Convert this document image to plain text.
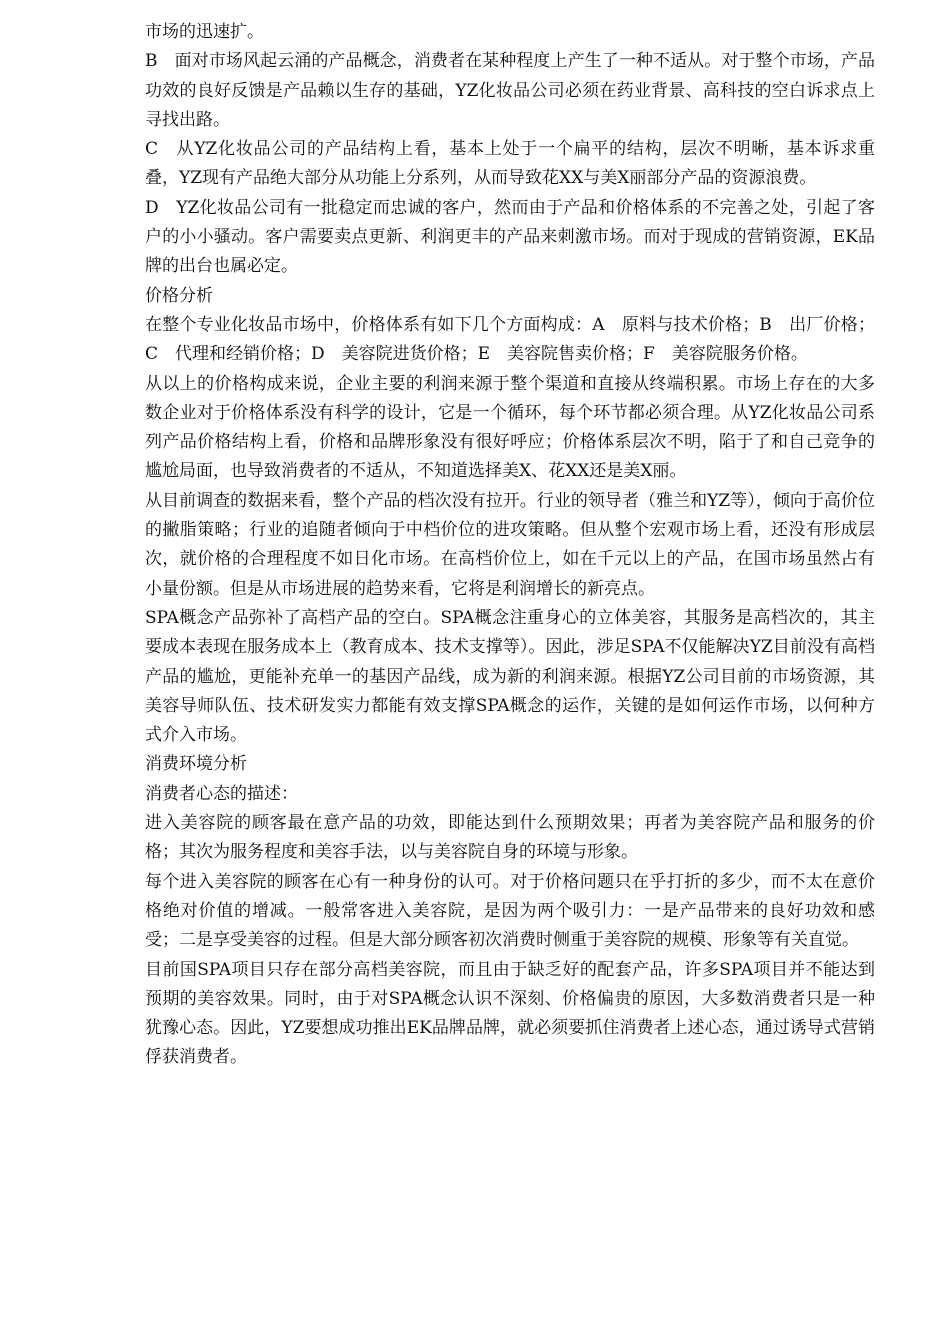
市场的迅速扩。

B　面对市场风起云涌的产品概念，消费者在某种程度上产生了一种不适从。对于整个市场，产品功效的良好反馈是产品赖以生存的基础，YZ化妆品公司必须在药业背景、高科技的空白诉求点上寻找出路。

C　从YZ化妆品公司的产品结构上看，基本上处于一个扁平的结构，层次不明晰，基本诉求重叠，YZ现有产品绝大部分从功能上分系列，从而导致花XX与美X丽部分产品的资源浪费。

D　YZ化妆品公司有一批稳定而忠诚的客户，然而由于产品和价格体系的不完善之处，引起了客户的小小骚动。客户需要卖点更新、利润更丰的产品来刺激市场。而对于现成的营销资源，EK品牌的出台也属必定。

价格分析

在整个专业化妆品市场中，价格体系有如下几个方面构成：A　原料与技术价格；B　出厂价格；C　代理和经销价格；D　美容院进货价格；E　美容院售卖价格；F　美容院服务价格。

从以上的价格构成来说，企业主要的利润来源于整个渠道和直接从终端积累。市场上存在的大多数企业对于价格体系没有科学的设计，它是一个循环，每个环节都必须合理。从YZ化妆品公司系列产品价格结构上看，价格和品牌形象没有很好呼应；价格体系层次不明，陷于了和自己竞争的尴尬局面，也导致消费者的不适从，不知道选择美X、花XX还是美X丽。

从目前调查的数据来看，整个产品的档次没有拉开。行业的领导者（雅兰和YZ等），倾向于高价位的撇脂策略；行业的追随者倾向于中档价位的进攻策略。但从整个宏观市场上看，还没有形成层次，就价格的合理程度不如日化市场。在高档价位上，如在千元以上的产品，在国市场虽然占有小量份额。但是从市场进展的趋势来看，它将是利润增长的新亮点。

SPA概念产品弥补了高档产品的空白。SPA概念注重身心的立体美容，其服务是高档次的，其主要成本表现在服务成本上（教育成本、技术支撑等）。因此，涉足SPA不仅能解决YZ目前没有高档产品的尴尬，更能补充单一的基因产品线，成为新的利润来源。根据YZ公司目前的市场资源，其美容导师队伍、技术研发实力都能有效支撑SPA概念的运作，关键的是如何运作市场，以何种方式介入市场。

消费环境分析

消费者心态的描述：

进入美容院的顾客最在意产品的功效，即能达到什么预期效果；再者为美容院产品和服务的价格；其次为服务程度和美容手法，以与美容院自身的环境与形象。

每个进入美容院的顾客在心有一种身份的认可。对于价格问题只在乎打折的多少，而不太在意价格绝对价值的增减。一般常客进入美容院，是因为两个吸引力：一是产品带来的良好功效和感受；二是享受美容的过程。但是大部分顾客初次消费时侧重于美容院的规模、形象等有关直觉。

目前国SPA项目只存在部分高档美容院，而且由于缺乏好的配套产品，许多SPA项目并不能达到预期的美容效果。同时，由于对SPA概念认识不深刻、价格偏贵的原因，大多数消费者只是一种犹豫心态。因此，YZ要想成功推出EK品牌品牌，就必须要抓住消费者上述心态，通过诱导式营销俘获消费者。
